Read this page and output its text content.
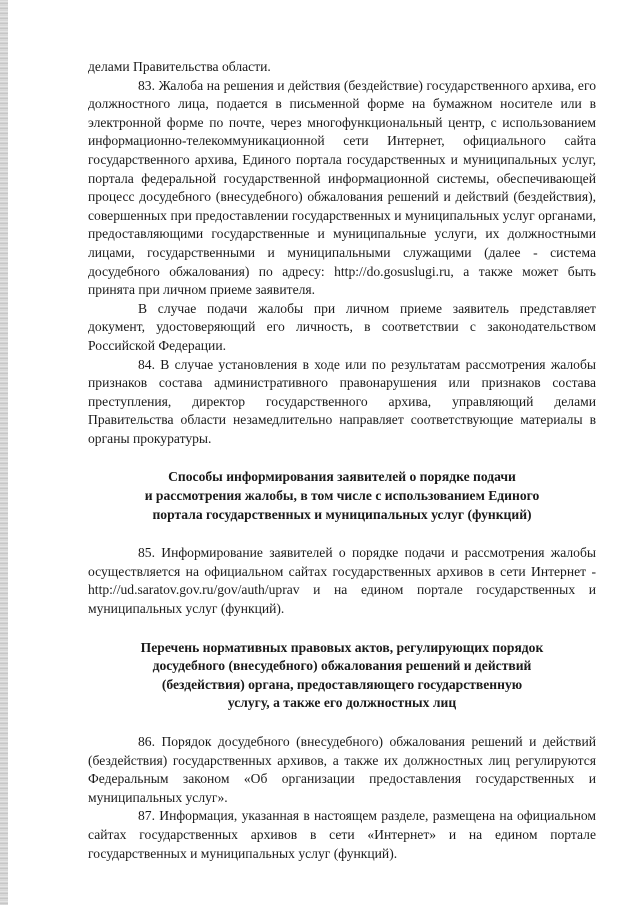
делами Правительства области.

83. Жалоба на решения и действия (бездействие) государственного архива, его должностного лица, подается в письменной форме на бумажном носителе или в электронной форме по почте, через многофункциональный центр, с использованием информационно-телекоммуникационной сети Интернет, официального сайта государственного архива, Единого портала государственных и муниципальных услуг, портала федеральной государственной информационной системы, обеспечивающей процесс досудебного (внесудебного) обжалования решений и действий (бездействия), совершенных при предоставлении государственных и муниципальных услуг органами, предоставляющими государственные и муниципальные услуги, их должностными лицами, государственными и муниципальными служащими (далее - система досудебного обжалования) по адресу: http://do.gosuslugi.ru, а также может быть принята при личном приеме заявителя.

В случае подачи жалобы при личном приеме заявитель представляет документ, удостоверяющий его личность, в соответствии с законодательством Российской Федерации.

84. В случае установления в ходе или по результатам рассмотрения жалобы признаков состава административного правонарушения или признаков состава преступления, директор государственного архива, управляющий делами Правительства области незамедлительно направляет соответствующие материалы в органы прокуратуры.

Способы информирования заявителей о порядке подачи
и рассмотрения жалобы, в том числе с использованием Единого
портала государственных и муниципальных услуг (функций)

85. Информирование заявителей о порядке подачи и рассмотрения жалобы осуществляется на официальном сайтах государственных архивов в сети Интернет - http://ud.saratov.gov.ru/gov/auth/uprav и на едином портале государственных и муниципальных услуг (функций).

Перечень нормативных правовых актов, регулирующих порядок
досудебного (внесудебного) обжалования решений и действий
(бездействия) органа, предоставляющего государственную
услугу, а также его должностных лиц

86. Порядок досудебного (внесудебного) обжалования решений и действий (бездействия) государственных архивов, а также их должностных лиц регулируются Федеральным законом «Об организации предоставления государственных и муниципальных услуг».

87. Информация, указанная в настоящем разделе, размещена на официальном сайтах государственных архивов в сети «Интернет» и на едином портале государственных и муниципальных услуг (функций).
